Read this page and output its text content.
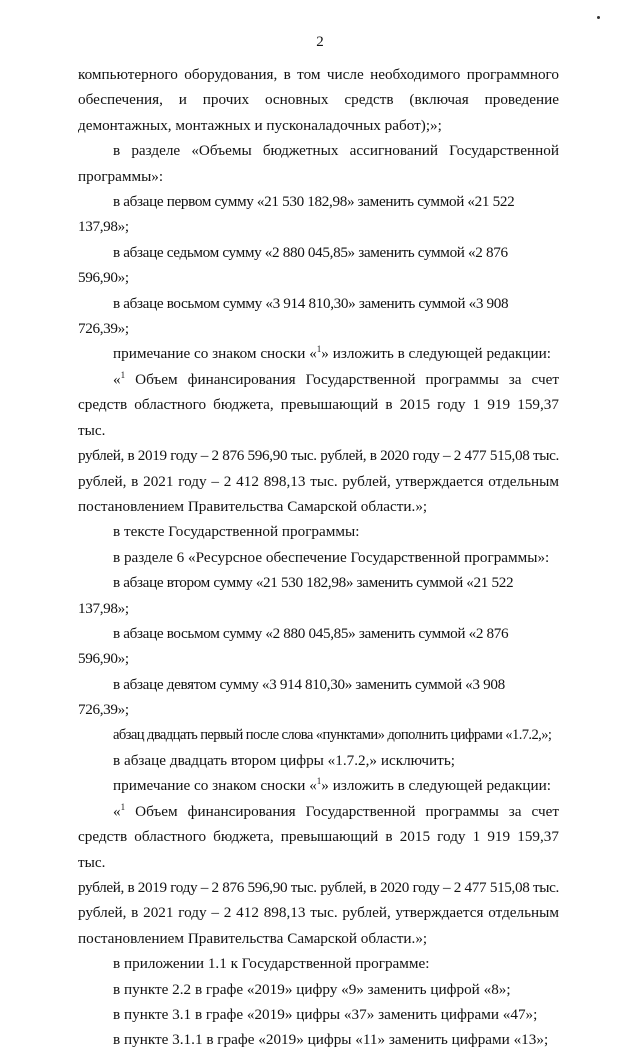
2

компьютерного оборудования, в том числе необходимого программного

обеспечения, и прочих основных средств (включая проведение

демонтажных, монтажных и пусконаладочных работ);»;

в разделе «Объемы бюджетных ассигнований Государственной

программы»:

в абзаце первом сумму «21 530 182,98» заменить суммой «21 522 137,98»;

в абзаце седьмом сумму «2 880 045,85» заменить суммой «2 876 596,90»;

в абзаце восьмом сумму «3 914 810,30» заменить суммой «3 908 726,39»;

примечание со знаком сноски «$^1$» изложить в следующей редакции:

«$^1$ Объем финансирования Государственной программы за счет

средств областного бюджета, превышающий в 2015 году 1 919 159,37 тыс.

рублей, в 2019 году – 2 876 596,90 тыс. рублей, в 2020 году – 2 477 515,08 тыс.

рублей, в 2021 году – 2 412 898,13 тыс. рублей, утверждается отдельным

постановлением Правительства Самарской области.»;

в тексте Государственной программы:

в разделе 6 «Ресурсное обеспечение Государственной программы»:

в абзаце втором сумму «21 530 182,98» заменить суммой «21 522 137,98»;

в абзаце восьмом сумму «2 880 045,85» заменить суммой «2 876 596,90»;

в абзаце девятом сумму «3 914 810,30» заменить суммой «3 908 726,39»;

абзац двадцать первый после слова «пунктами» дополнить цифрами «1.7.2,»;

в абзаце двадцать втором цифры «1.7.2,» исключить;

примечание со знаком сноски «$^1$» изложить в следующей редакции:

«$^1$ Объем финансирования Государственной программы за счет

средств областного бюджета, превышающий в 2015 году 1 919 159,37 тыс.

рублей, в 2019 году – 2 876 596,90 тыс. рублей, в 2020 году – 2 477 515,08 тыс.

рублей, в 2021 году – 2 412 898,13 тыс. рублей, утверждается отдельным

постановлением Правительства Самарской области.»;

в приложении 1.1 к Государственной программе:

в пункте 2.2 в графе «2019» цифру «9» заменить цифрой «8»;

в пункте 3.1 в графе «2019» цифры «37» заменить цифрами «47»;

в пункте 3.1.1 в графе «2019» цифры «11» заменить цифрами «13»;
